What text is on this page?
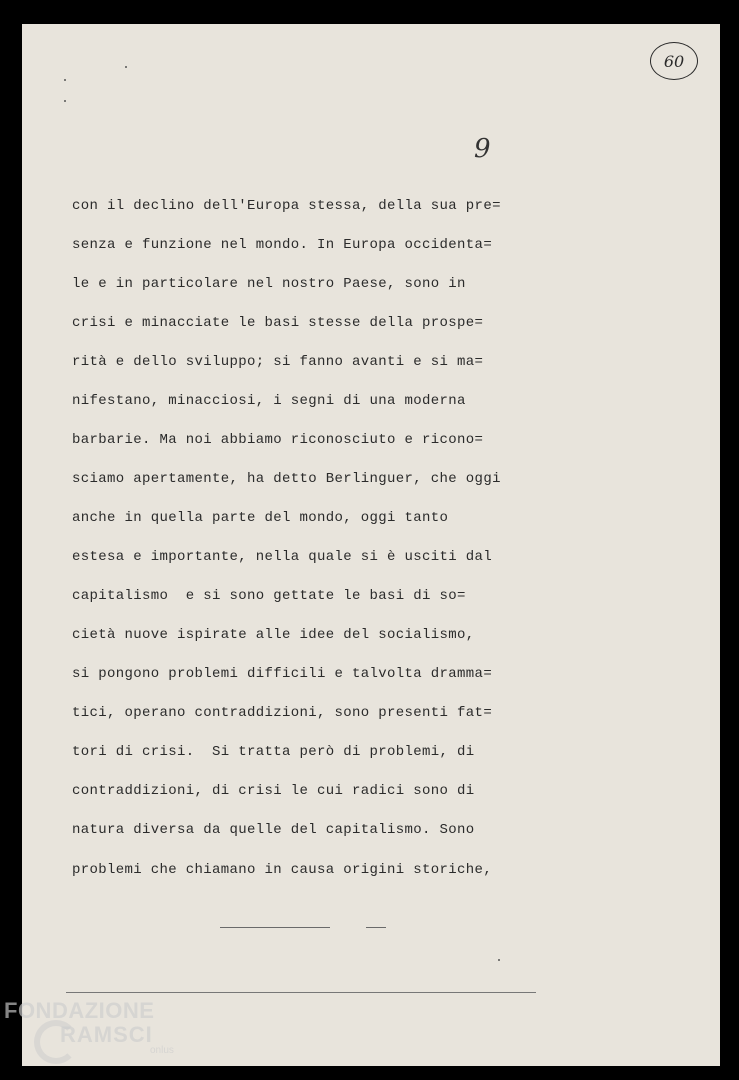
60
9
con il declino dell'Europa stessa, della sua pre=
senza e funzione nel mondo. In Europa occidenta=
le e in particolare nel nostro Paese, sono in
crisi e minacciate le basi stesse della prospe=
rità e dello sviluppo; si fanno avanti e si ma=
nifestano, minacciosi, i segni di una moderna
barbarie. Ma noi abbiamo riconosciuto e ricono=
sciamo apertamente, ha detto Berlinguer, che oggi
anche in quella parte del mondo, oggi tanto
estesa e importante, nella quale si è usciti dal
capitalismo  e si sono gettate le basi di so=
cietà nuove ispirate alle idee del socialismo,
si pongono problemi difficili e talvolta dramma=
tici, operano contraddizioni, sono presenti fat=
tori di crisi.  Si tratta però di problemi, di
contraddizioni, di crisi le cui radici sono di
natura diversa da quelle del capitalismo. Sono
problemi che chiamano in causa origini storiche,
FONDAZIONE
RAMSCI
onlus
